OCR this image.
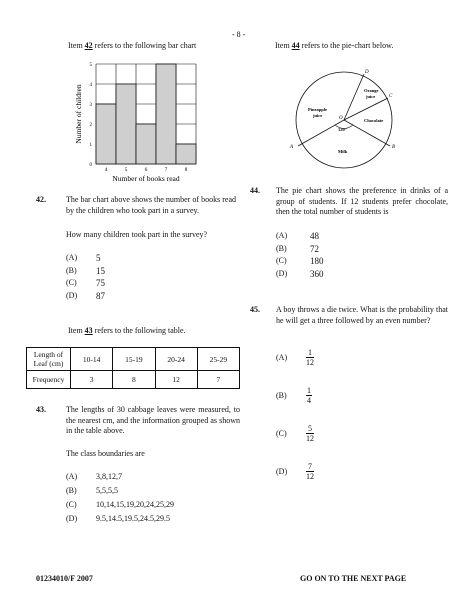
- 8 -
Item 42 refers to the following bar chart
0
1
2
3
4
5
4	5	6	7	8
Number of books read
Number of children
42.	The bar chart above shows the number of books read by the children who took part in a survey.
How many children took part in the survey?
(A) 5
(B) 15
(C) 75
(D) 87
Item 43 refers to the following table.
Length of Leaf (cm)	10-14	15-19	20-24	25-29
Frequency	3	8	12	7
43.	The lengths of 30 cabbage leaves were measured, to the nearest cm, and the information grouped as shown in the table above.
The class boundaries are
(A) 3,8,12,7
(B) 5,5,5,5
(C) 10,14,15,19,20,24,25,29
(D) 9.5,14.5,19.5,24.5,29.5
Item 44 refers to the pie-chart below.
A	B
C
D
O
120°
Pineapple juice
Orange juice
Chocolate
Milk
44. The pie chart shows the preference in drinks of a group of students. If 12 students prefer chocolate, then the total number of students is
(A)	48
(B)	72
(C)	180
(D)	360
45. A boy throws a die twice. What is the probability that he will get a three followed by an even number?
$(A) \frac{1}{12}$
$(B) \frac{1}{4}$
$(C) \frac{5}{12}$
$(D) \frac{7}{12}$
01234010/F 2007	GO ON TO THE NEXT PAGE
